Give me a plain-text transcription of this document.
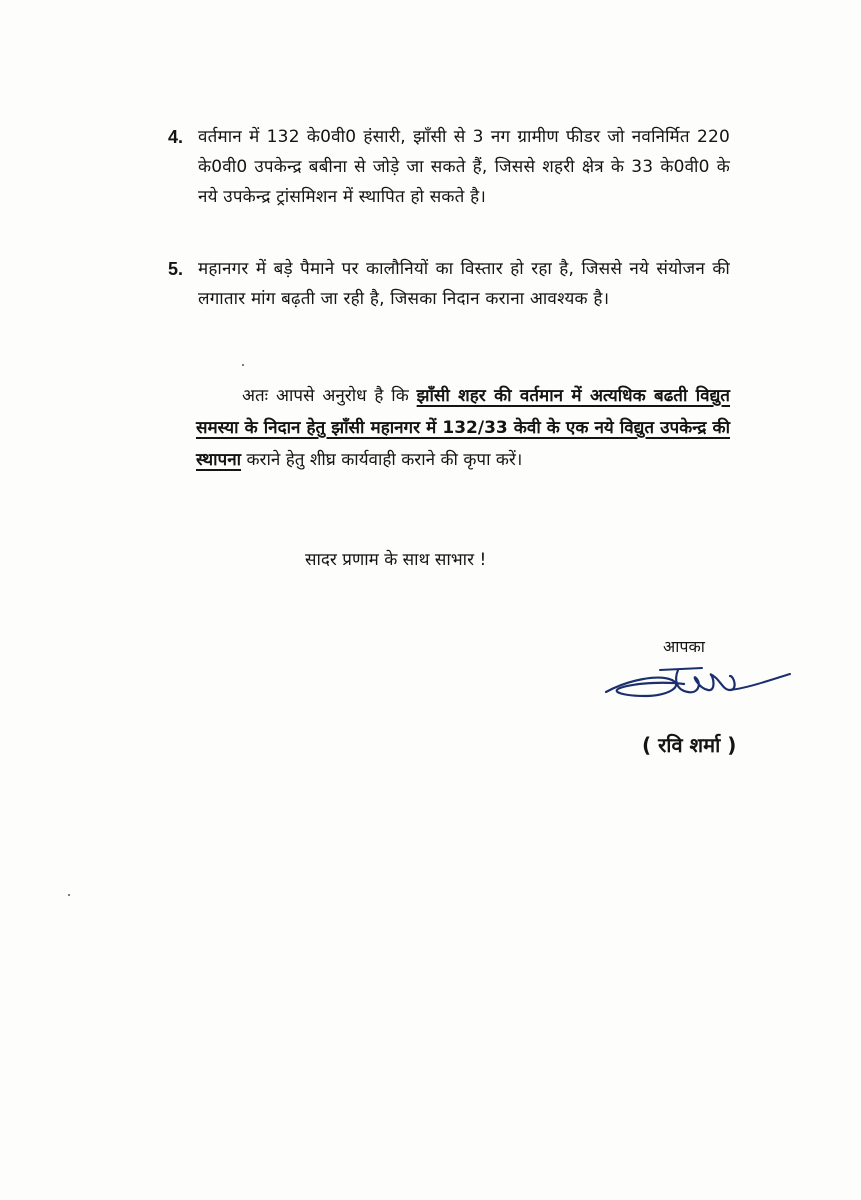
4. वर्तमान में 132 के0वी0 हंसारी, झाँसी से 3 नग ग्रामीण फीडर जो नवनिर्मित 220 के0वी0 उपकेन्द्र बबीना से जोड़े जा सकते हैं, जिससे शहरी क्षेत्र के 33 के0वी0 के नये उपकेन्द्र ट्रांसमिशन में स्थापित हो सकते है।
5. महानगर में बड़े पैमाने पर कालौनियों का विस्तार हो रहा है, जिससे नये संयोजन की लगातार मांग बढ़ती जा रही है, जिसका निदान कराना आवश्यक है।
अतः आपसे अनुरोध है कि झाँसी शहर की वर्तमान में अत्यधिक बढती विद्युत समस्या के निदान हेतु झाँसी महानगर में 132/33 केवी के एक नये विद्युत उपकेन्द्र की स्थापना कराने हेतु शीघ्र कार्यवाही कराने की कृपा करें।
सादर प्रणाम के साथ साभार !
आपका
( रवि शर्मा )
